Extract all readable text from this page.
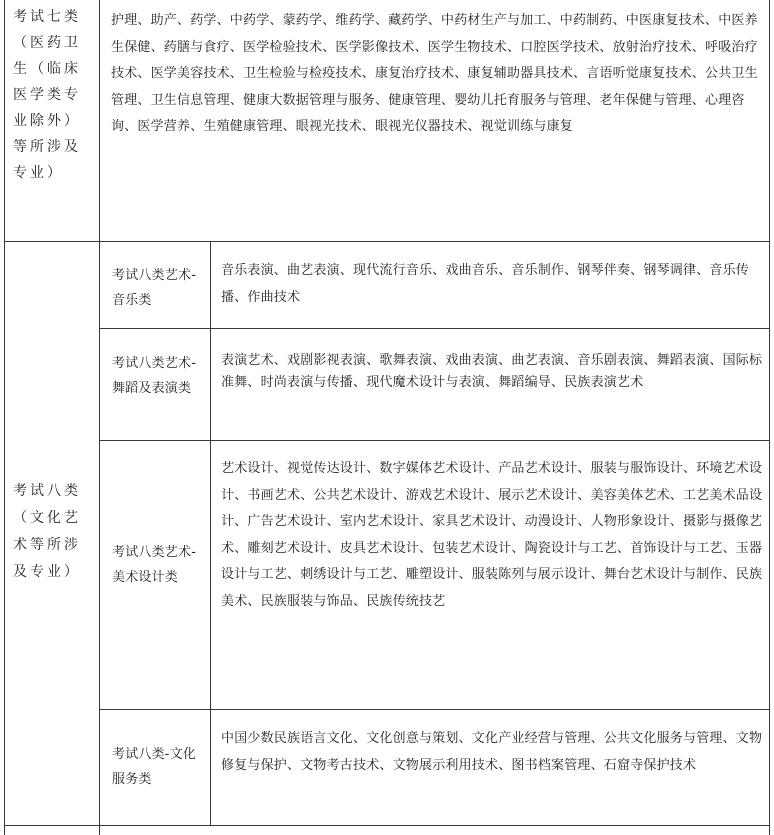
考试七类（医药卫生（临床医学类专业除外）等所涉及专业）
护理、助产、药学、中药学、蒙药学、维药学、藏药学、中药材生产与加工、中药制药、中医康复技术、中医养生保健、药膳与食疗、医学检验技术、医学影像技术、医学生物技术、口腔医学技术、放射治疗技术、呼吸治疗技术、医学美容技术、卫生检验与检疫技术、康复治疗技术、康复辅助器具技术、言语听觉康复技术、公共卫生管理、卫生信息管理、健康大数据管理与服务、健康管理、婴幼儿托育服务与管理、老年保健与管理、心理咨询、医学营养、生殖健康管理、眼视光技术、眼视光仪器技术、视觉训练与康复
考试八类（文化艺术等所涉及专业）
考试八类艺术-音乐类
音乐表演、曲艺表演、现代流行音乐、戏曲音乐、音乐制作、钢琴伴奏、钢琴调律、音乐传播、作曲技术
考试八类艺术-舞蹈及表演类
表演艺术、戏剧影视表演、歌舞表演、戏曲表演、曲艺表演、音乐剧表演、舞蹈表演、国际标准舞、时尚表演与传播、现代魔术设计与表演、舞蹈编导、民族表演艺术
考试八类艺术-美术设计类
艺术设计、视觉传达设计、数字媒体艺术设计、产品艺术设计、服装与服饰设计、环境艺术设计、书画艺术、公共艺术设计、游戏艺术设计、展示艺术设计、美容美体艺术、工艺美术品设计、广告艺术设计、室内艺术设计、家具艺术设计、动漫设计、人物形象设计、摄影与摄像艺术、雕刻艺术设计、皮具艺术设计、包装艺术设计、陶瓷设计与工艺、首饰设计与工艺、玉器设计与工艺、刺绣设计与工艺、雕塑设计、服装陈列与展示设计、舞台艺术设计与制作、民族美术、民族服装与饰品、民族传统技艺
考试八类-文化服务类
中国少数民族语言文化、文化创意与策划、文化产业经营与管理、公共文化服务与管理、文物修复与保护、文物考古技术、文物展示利用技术、图书档案管理、石窟寺保护技术
